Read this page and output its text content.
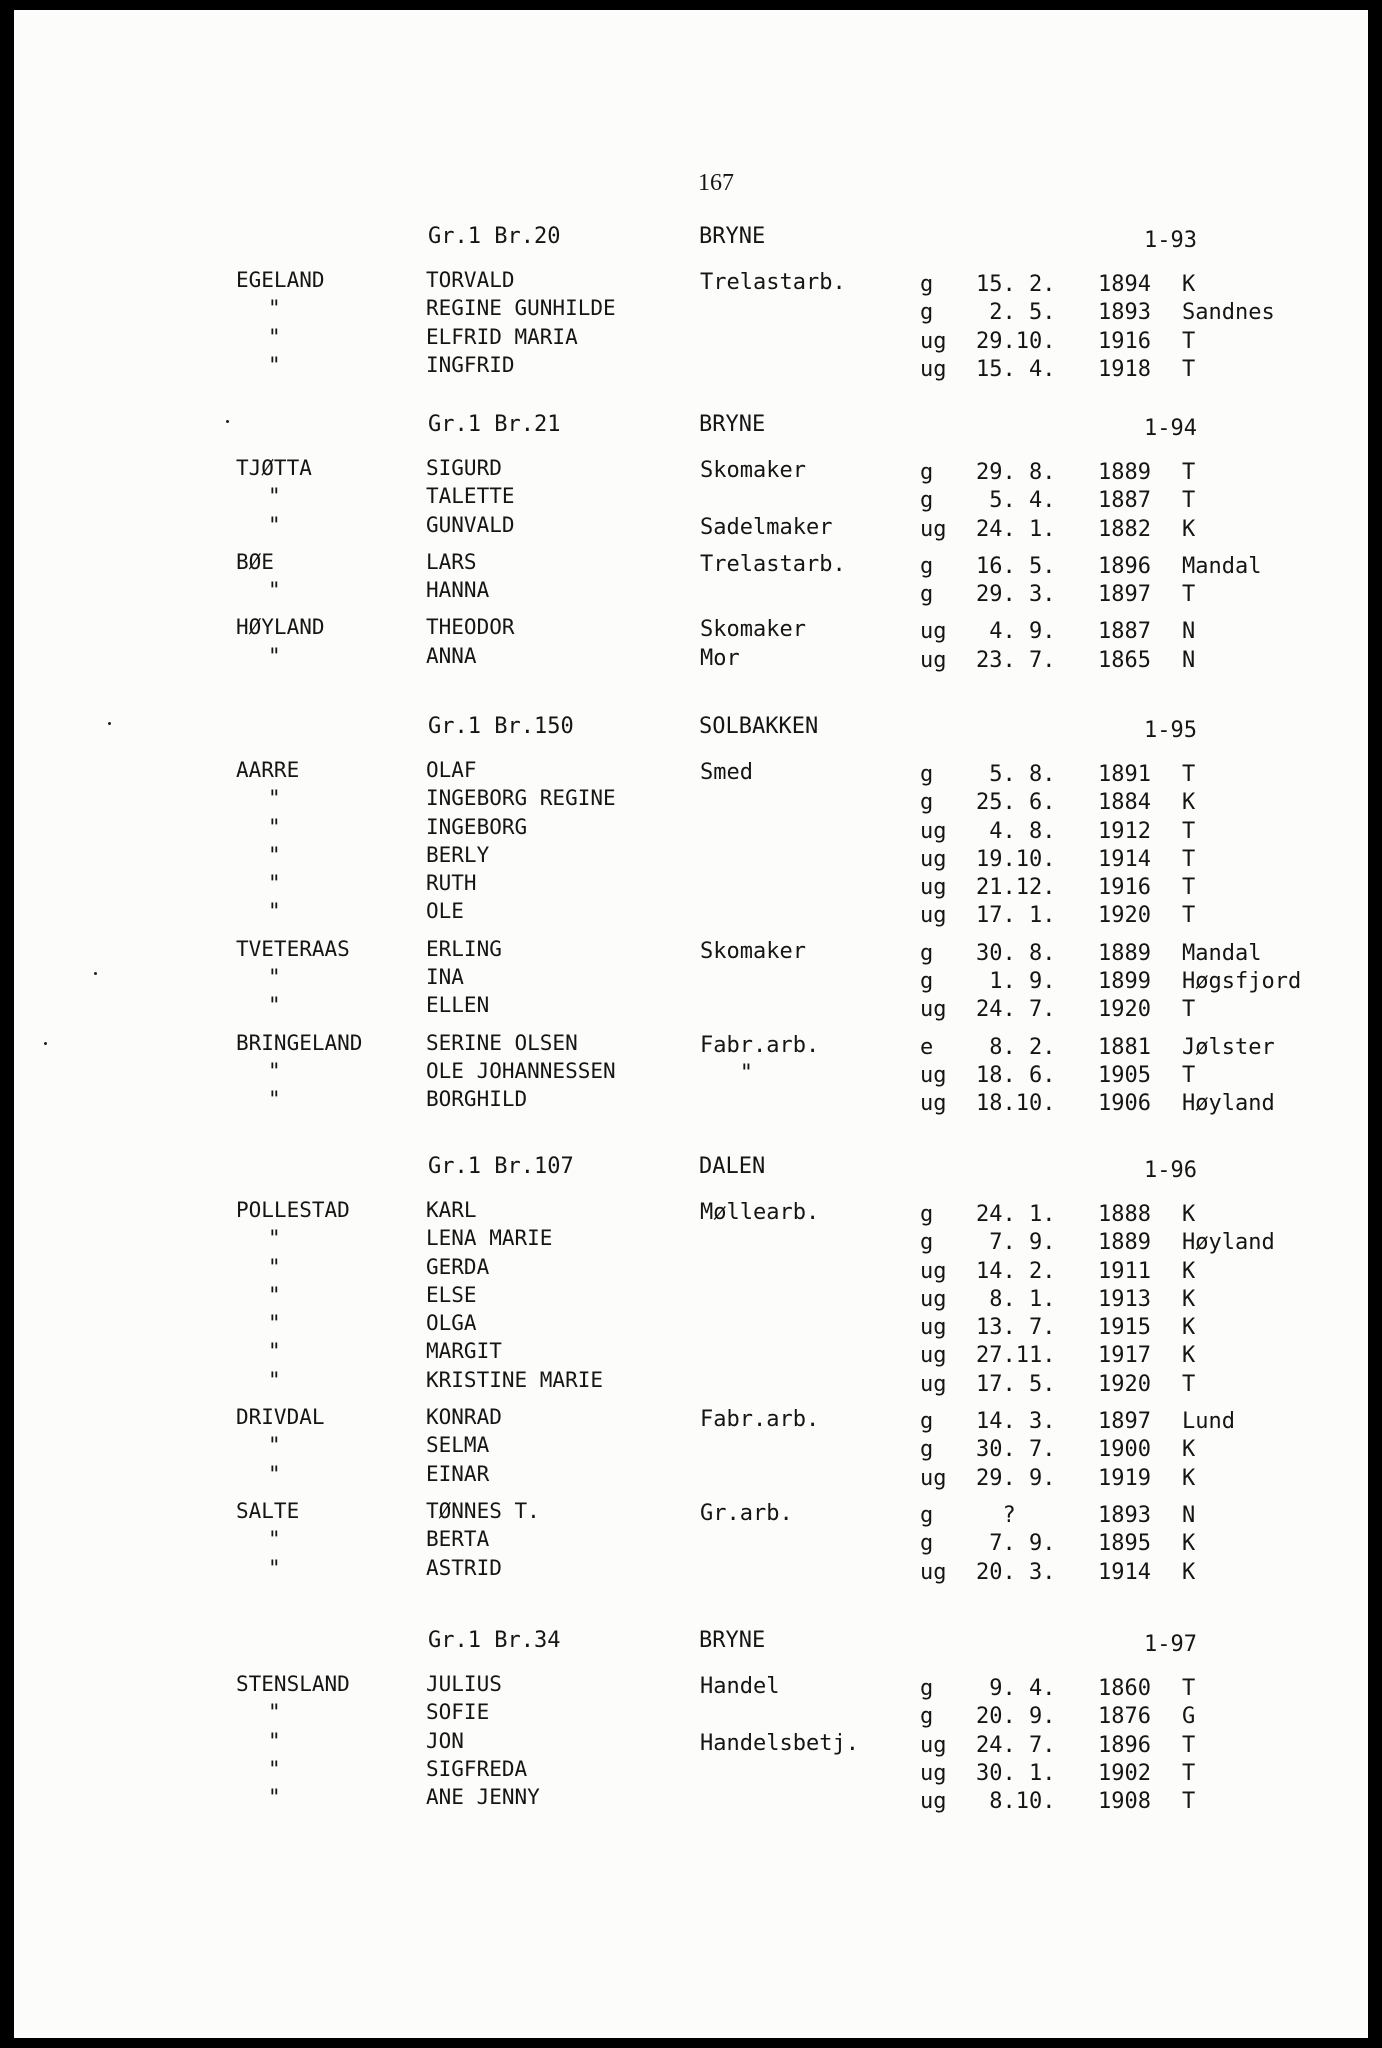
167
Gr.1 Br.20	BRYNE	1-93
EGELAND	TORVALD	Trelastarb.	g 15. 2. 1894 K
"	REGINE GUNHILDE	g 2. 5. 1893 Sandnes
"	ELFRID MARIA	ug 29.10. 1916 T
"	INGFRID	ug 15. 4. 1918 T
Gr.1 Br.21	BRYNE	1-94
TJØTTA	SIGURD	Skomaker	g 29. 8. 1889 T
"	TALETTE	g 5. 4. 1887 T
"	GUNVALD	Sadelmaker	ug 24. 1. 1882 K
BØE	LARS	Trelastarb.	g 16. 5. 1896 Mandal
"	HANNA	g 29. 3. 1897 T
HØYLAND	THEODOR	Skomaker	ug 4. 9. 1887 N
"	ANNA	Mor	ug 23. 7. 1865 N
Gr.1 Br.150	SOLBAKKEN	1-95
AARRE	OLAF	Smed	g 5. 8. 1891 T
"	INGEBORG REGINE	g 25. 6. 1884 K
"	INGEBORG	ug 4. 8. 1912 T
"	BERLY	ug 19.10. 1914 T
"	RUTH	ug 21.12. 1916 T
"	OLE	ug 17. 1. 1920 T
TVETERAAS	ERLING	Skomaker	g 30. 8. 1889 Mandal
"	INA	g 1. 9. 1899 Høgsfjord
"	ELLEN	ug 24. 7. 1920 T
BRINGELAND	SERINE OLSEN	Fabr.arb.	e 8. 2. 1881 Jølster
"	OLE JOHANNESSEN	"	ug 18. 6. 1905 T
"	BORGHILD	ug 18.10. 1906 Høyland
Gr.1 Br.107	DALEN	1-96
POLLESTAD	KARL	Møllearb.	g 24. 1. 1888 K
"	LENA MARIE	g 7. 9. 1889 Høyland
"	GERDA	ug 14. 2. 1911 K
"	ELSE	ug 8. 1. 1913 K
"	OLGA	ug 13. 7. 1915 K
"	MARGIT	ug 27.11. 1917 K
"	KRISTINE MARIE	ug 17. 5. 1920 T
DRIVDAL	KONRAD	Fabr.arb.	g 14. 3. 1897 Lund
"	SELMA	g 30. 7. 1900 K
"	EINAR	ug 29. 9. 1919 K
SALTE	TØNNES T.	Gr.arb.	g ?	1893 N
"	BERTA	g 7. 9. 1895 K
"	ASTRID	ug 20. 3. 1914 K
Gr.1 Br.34	BRYNE	1-97
STENSLAND	JULIUS	Handel	g 9. 4. 1860 T
"	SOFIE	g 20. 9. 1876 G
"	JON	Handelsbetj.	ug 24. 7. 1896 T
"	SIGFREDA	ug 30. 1. 1902 T
"	ANE JENNY	ug 8.10. 1908 T
